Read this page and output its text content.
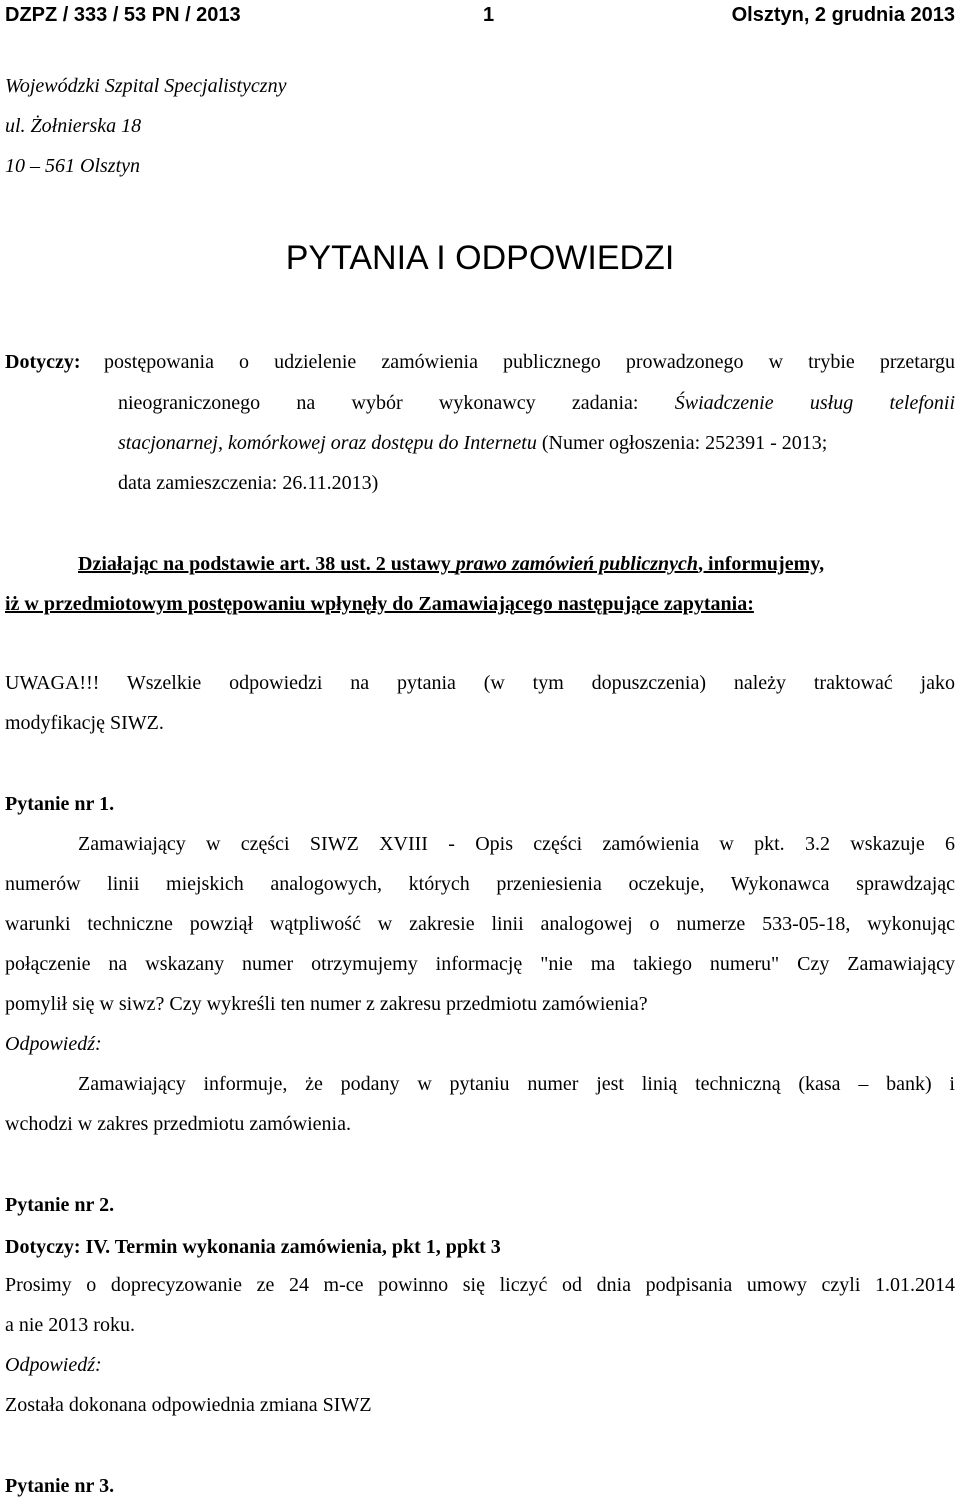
DZPZ / 333 / 53 PN / 2013	1	Olsztyn, 2 grudnia 2013
Wojewódzki Szpital Specjalistyczny
ul. Żołnierska 18
10 – 561 Olsztyn
PYTANIA I ODPOWIEDZI
Dotyczy: postępowania o udzielenie zamówienia publicznego prowadzonego w trybie przetargu
nieograniczonego na wybór wykonawcy zadania: Świadczenie usług telefonii
stacjonarnej, komórkowej oraz dostępu do Internetu (Numer ogłoszenia: 252391 - 2013;
data zamieszczenia: 26.11.2013)
Działając na podstawie art. 38 ust. 2 ustawy prawo zamówień publicznych, informujemy,
iż w przedmiotowym postępowaniu wpłynęły do Zamawiającego następujące zapytania:
UWAGA!!! Wszelkie odpowiedzi na pytania (w tym dopuszczenia) należy traktować jako
modyfikację SIWZ.
Pytanie nr 1.
Zamawiający w części SIWZ XVIII - Opis części zamówienia w pkt. 3.2 wskazuje 6
numerów linii miejskich analogowych, których przeniesienia oczekuje, Wykonawca sprawdzając
warunki techniczne powziął wątpliwość w zakresie linii analogowej o numerze 533-05-18, wykonując
połączenie na wskazany numer otrzymujemy informację "nie ma takiego numeru" Czy Zamawiający
pomylił się w siwz? Czy wykreśli ten numer z zakresu przedmiotu zamówienia?
Odpowiedź:
Zamawiający informuje, że podany w pytaniu numer jest linią techniczną (kasa – bank) i
wchodzi w zakres przedmiotu zamówienia.
Pytanie nr 2.
Dotyczy: IV. Termin wykonania zamówienia, pkt 1, ppkt 3
Prosimy o doprecyzowanie ze 24 m-ce powinno się liczyć od dnia podpisania umowy czyli 1.01.2014
a nie 2013 roku.
Odpowiedź:
Została dokonana odpowiednia zmiana SIWZ
Pytanie nr 3.
